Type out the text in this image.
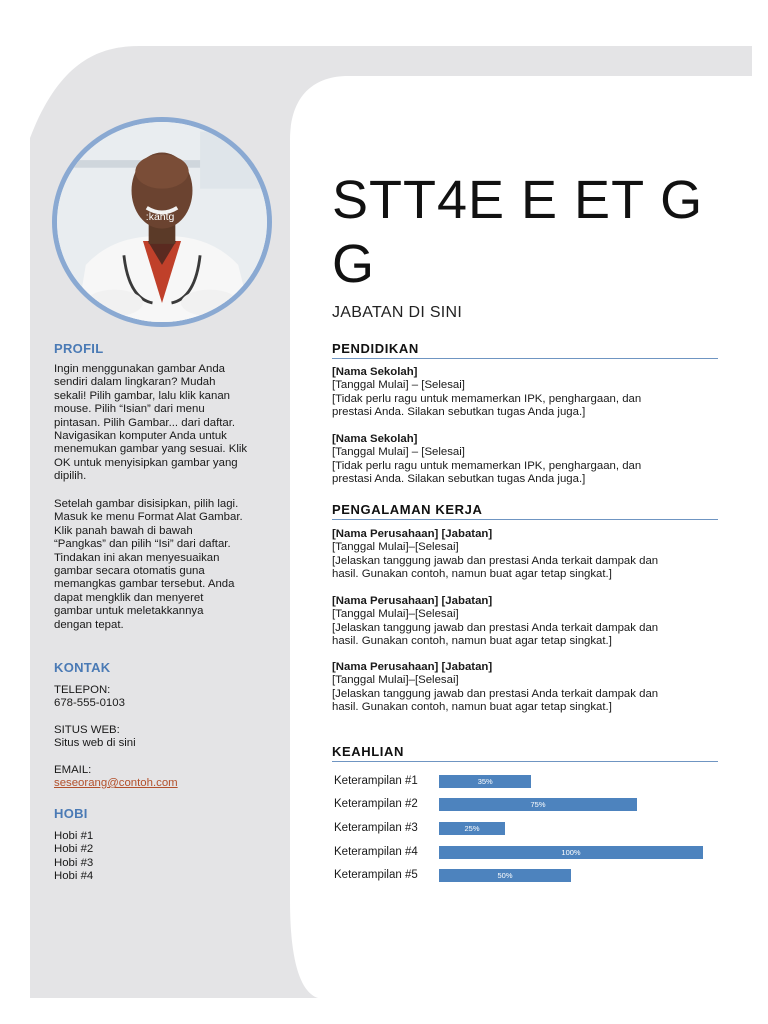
:kahtg
PROFIL

Ingin menggunakan gambar Anda
sendiri dalam lingkaran? Mudah
sekali! Pilih gambar, lalu klik kanan
mouse. Pilih “Isian” dari menu
pintasan. Pilih Gambar... dari daftar.
Navigasikan komputer Anda untuk
menemukan gambar yang sesuai. Klik
OK untuk menyisipkan gambar yang
dipilih.

Setelah gambar disisipkan, pilih lagi.
Masuk ke menu Format Alat Gambar.
Klik panah bawah di bawah
“Pangkas” dan pilih “Isi” dari daftar.
Tindakan ini akan menyesuaikan
gambar secara otomatis guna
memangkas gambar tersebut. Anda
dapat mengklik dan menyeret
gambar untuk meletakkannya
dengan tepat.

KONTAK
TELEPON:
678-555-0103
SITUS WEB:
Situs web di sini
EMAIL:
seseorang@contoh.com
HOBI
Hobi #1
Hobi #2
Hobi #3
Hobi #4
STT4E E ET G G
JABATAN DI SINI
PENDIDIKAN
[Nama Sekolah]
[Tanggal Mulai] – [Selesai]
[Tidak perlu ragu untuk memamerkan IPK, penghargaan, dan
prestasi Anda. Silakan sebutkan tugas Anda juga.]
[Nama Sekolah]
[Tanggal Mulai] – [Selesai]
[Tidak perlu ragu untuk memamerkan IPK, penghargaan, dan
prestasi Anda. Silakan sebutkan tugas Anda juga.]
PENGALAMAN KERJA
[Nama Perusahaan] [Jabatan]
[Tanggal Mulai]–[Selesai]
[Jelaskan tanggung jawab dan prestasi Anda terkait dampak dan
hasil. Gunakan contoh, namun buat agar tetap singkat.]
[Nama Perusahaan] [Jabatan]
[Tanggal Mulai]–[Selesai]
[Jelaskan tanggung jawab dan prestasi Anda terkait dampak dan
hasil. Gunakan contoh, namun buat agar tetap singkat.]
[Nama Perusahaan] [Jabatan]
[Tanggal Mulai]–[Selesai]
[Jelaskan tanggung jawab dan prestasi Anda terkait dampak dan
hasil. Gunakan contoh, namun buat agar tetap singkat.]
KEAHLIAN
Keterampilan #1	35%
Keterampilan #2	75%
Keterampilan #3	25%
Keterampilan #4	100%
Keterampilan #5	50%
